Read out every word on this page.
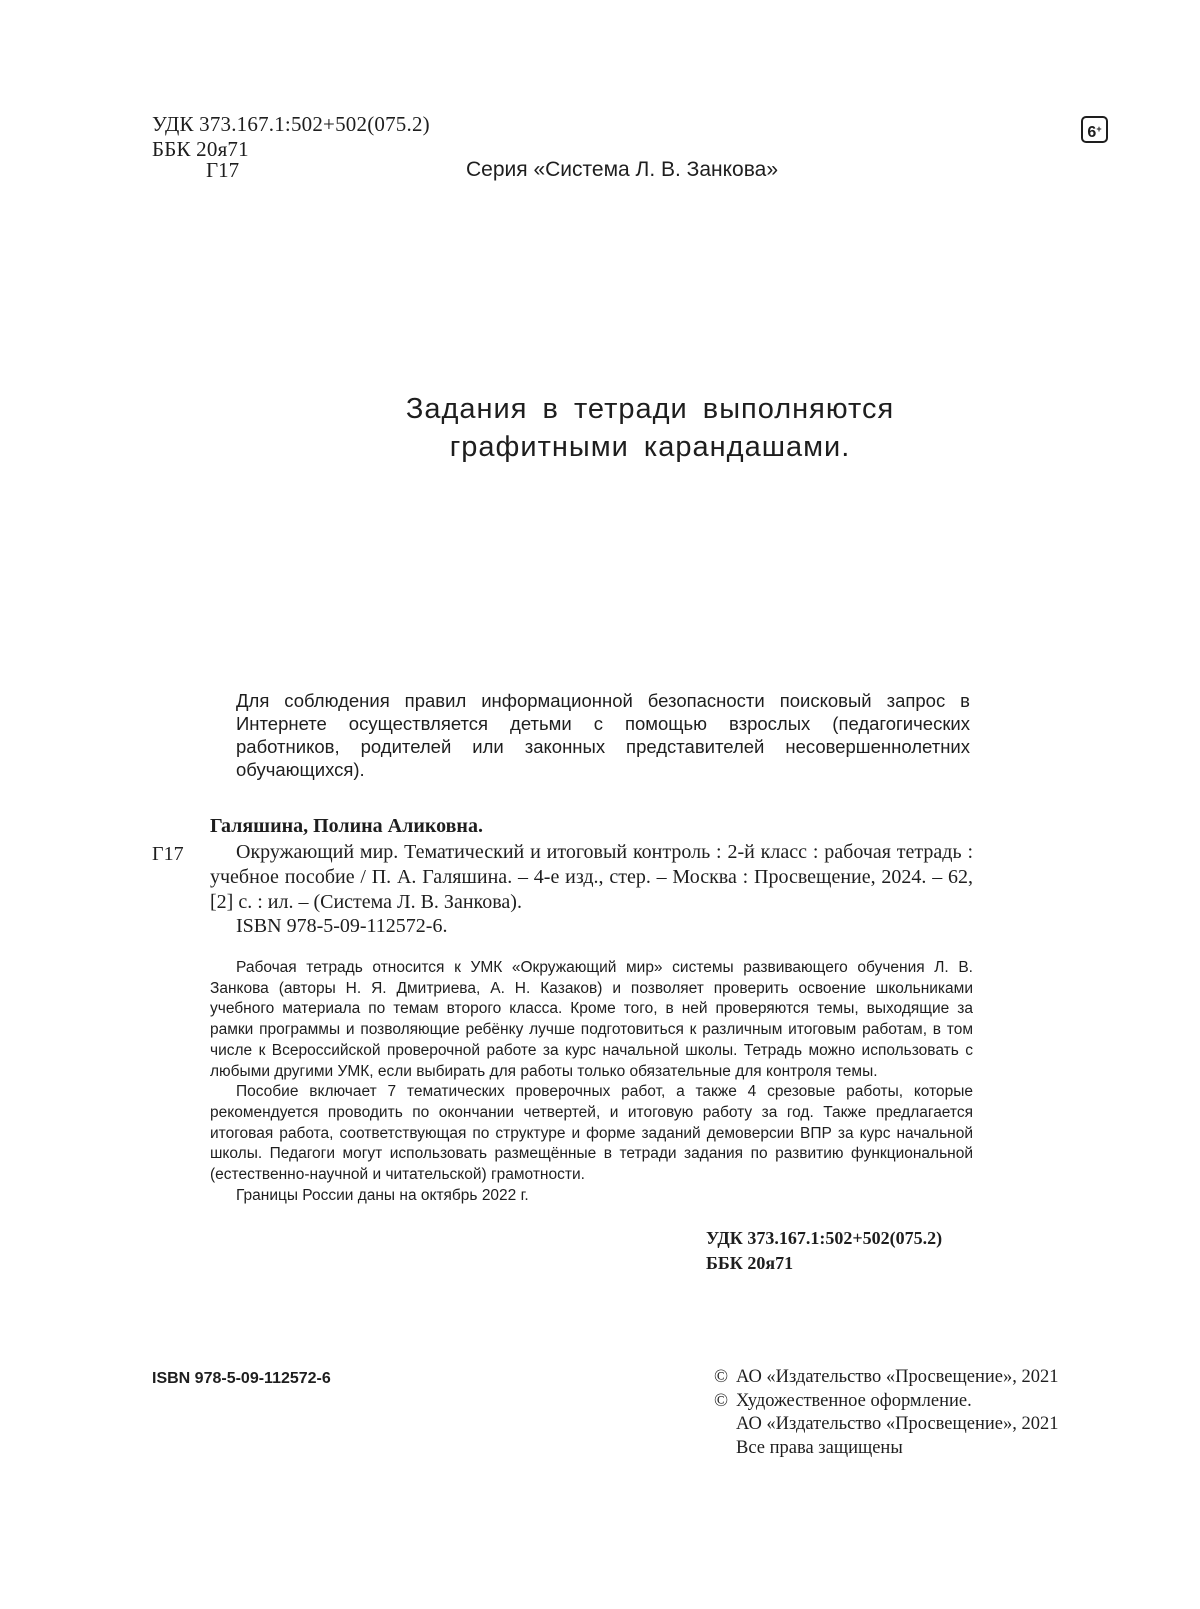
УДК 373.167.1:502+502(075.2)
ББК 20я71
Г17	Серия «Система Л. В. Занкова»
6+
Задания в тетради выполняются
графитными карандашами.

Для соблюдения правил информационной безопасности поисковый запрос в Интернете осуществляется детьми с помощью взрослых (педагогических работников, родителей или законных представителей несовершеннолетних обучающихся).

Галяшина, Полина Аликовна.
Г17	Окружающий мир. Тематический и итоговый контроль : 2-й класс : рабочая тетрадь : учебное пособие / П. А. Галяшина. – 4-е изд., стер. – Москва : Просвещение, 2024. – 62, [2] с. : ил. – (Система Л. В. Занкова).

ISBN 978-5-09-112572-6.

Рабочая тетрадь относится к УМК «Окружающий мир» системы развивающего обучения Л. В. Занкова (авторы Н. Я. Дмитриева, А. Н. Казаков) и позволяет проверить освоение школьниками учебного материала по темам второго класса. Кроме того, в ней проверяются темы, выходящие за рамки программы и позволяющие ребёнку лучше подготовиться к различным итоговым работам, в том числе к Всероссийской проверочной работе за курс начальной школы. Тетрадь можно использовать с любыми другими УМК, если выбирать для работы только обязательные для контроля темы.

Пособие включает 7 тематических проверочных работ, а также 4 срезовые работы, которые рекомендуется проводить по окончании четвертей, и итоговую работу за год. Также предлагается итоговая работа, соответствующая по структуре и форме заданий демоверсии ВПР за курс начальной школы. Педагоги могут использовать размещённые в тетради задания по развитию функциональной (естественно-научной и читательской) грамотности.

Границы России даны на октябрь 2022 г.

УДК 373.167.1:502+502(075.2)
ББК 20я71
ISBN 978-5-09-112572-6	© АО «Издательство «Просвещение», 2021
© Художественное оформление.
АО «Издательство «Просвещение», 2021
Все права защищены
